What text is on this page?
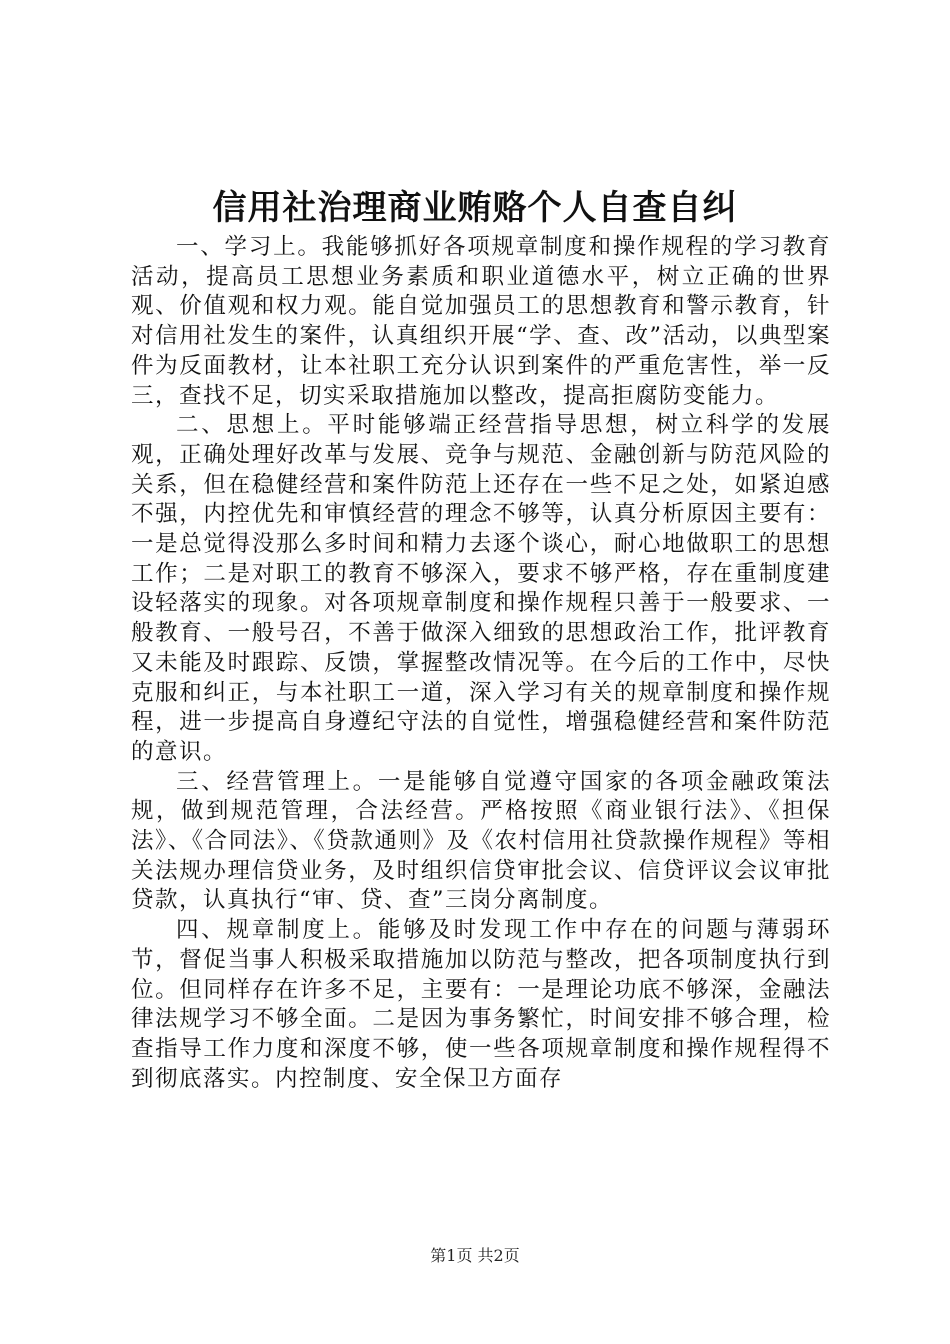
信用社治理商业贿赂个人自查自纠

一、学习上。我能够抓好各项规章制度和操作规程的学习教育活动，提高员工思想业务素质和职业道德水平，树立正确的世界观、价值观和权力观。能自觉加强员工的思想教育和警示教育，针对信用社发生的案件，认真组织开展“学、查、改”活动，以典型案件为反面教材，让本社职工充分认识到案件的严重危害性，举一反三，查找不足，切实采取措施加以整改，提高拒腐防变能力。

二、思想上。平时能够端正经营指导思想，树立科学的发展观，正确处理好改革与发展、竞争与规范、金融创新与防范风险的关系，但在稳健经营和案件防范上还存在一些不足之处，如紧迫感不强，内控优先和审慎经营的理念不够等，认真分析原因主要有：一是总觉得没那么多时间和精力去逐个谈心，耐心地做职工的思想工作；二是对职工的教育不够深入，要求不够严格，存在重制度建设轻落实的现象。对各项规章制度和操作规程只善于一般要求、一般教育、一般号召，不善于做深入细致的思想政治工作，批评教育又未能及时跟踪、反馈，掌握整改情况等。在今后的工作中，尽快克服和纠正，与本社职工一道，深入学习有关的规章制度和操作规程，进一步提高自身遵纪守法的自觉性，增强稳健经营和案件防范的意识。

三、经营管理上。一是能够自觉遵守国家的各项金融政策法规，做到规范管理，合法经营。严格按照《商业银行法》、《担保法》、《合同法》、《贷款通则》及《农村信用社贷款操作规程》等相关法规办理信贷业务，及时组织信贷审批会议、信贷评议会议审批贷款，认真执行“审、贷、查”三岗分离制度。

四、规章制度上。能够及时发现工作中存在的问题与薄弱环节，督促当事人积极采取措施加以防范与整改，把各项制度执行到位。但同样存在许多不足，主要有：一是理论功底不够深，金融法律法规学习不够全面。二是因为事务繁忙，时间安排不够合理，检查指导工作力度和深度不够，使一些各项规章制度和操作规程得不到彻底落实。内控制度、安全保卫方面存

第1页 共2页
